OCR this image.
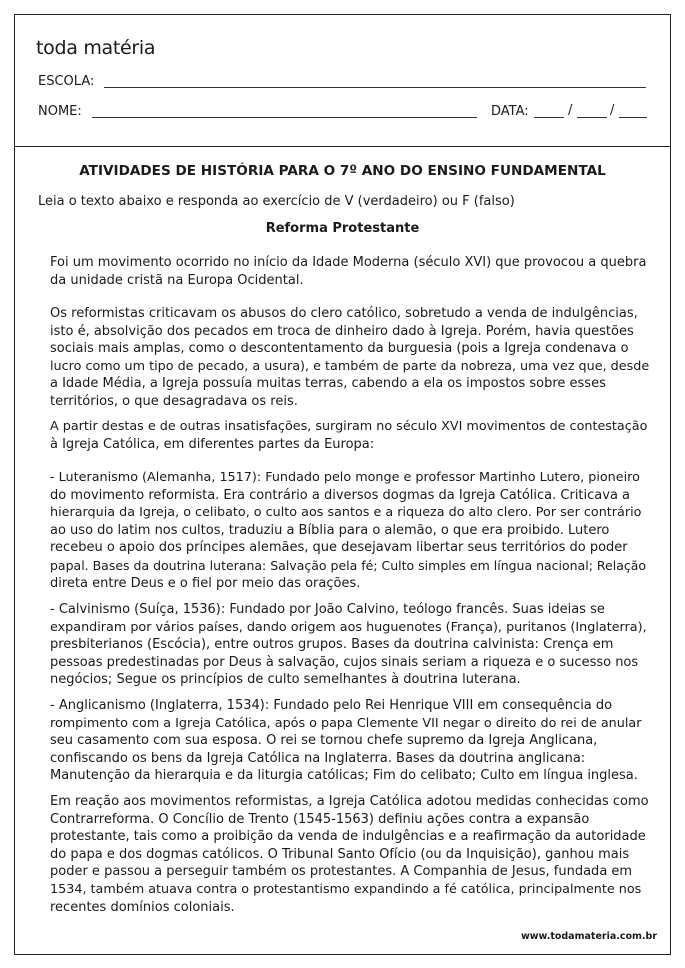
toda matéria
ESCOLA:
NOME:	DATA:	/	/
ATIVIDADES DE HISTÓRIA PARA O 7º ANO DO ENSINO FUNDAMENTAL
Leia o texto abaixo e responda ao exercício de V (verdadeiro) ou F (falso)
Reforma Protestante
Foi um movimento ocorrido no início da Idade Moderna (século XVI) que provocou a quebra
da unidade cristã na Europa Ocidental.
Os reformistas criticavam os abusos do clero católico, sobretudo a venda de indulgências,
isto é, absolvição dos pecados em troca de dinheiro dado à Igreja. Porém, havia questões
sociais mais amplas, como o descontentamento da burguesia (pois a Igreja condenava o
lucro como um tipo de pecado, a usura), e também de parte da nobreza, uma vez que, desde
a Idade Média, a Igreja possuía muitas terras, cabendo a ela os impostos sobre esses
territórios, o que desagradava os reis.
A partir destas e de outras insatisfações, surgiram no século XVI movimentos de contestação
à Igreja Católica, em diferentes partes da Europa:
- Luteranismo (Alemanha, 1517): Fundado pelo monge e professor Martinho Lutero, pioneiro
do movimento reformista. Era contrário a diversos dogmas da Igreja Católica. Criticava a
hierarquia da Igreja, o celibato, o culto aos santos e a riqueza do alto clero. Por ser contrário
ao uso do latim nos cultos, traduziu a Bíblia para o alemão, o que era proibido. Lutero
recebeu o apoio dos príncipes alemães, que desejavam libertar seus territórios do poder
papal. Bases da doutrina luterana: Salvação pela fé; Culto simples em língua nacional; Relação
direta entre Deus e o fiel por meio das orações.
- Calvinismo (Suíça, 1536): Fundado por João Calvino, teólogo francês. Suas ideias se
expandiram por vários países, dando origem aos huguenotes (França), puritanos (Inglaterra),
presbiterianos (Escócia), entre outros grupos. Bases da doutrina calvinista: Crença em
pessoas predestinadas por Deus à salvação, cujos sinais seriam a riqueza e o sucesso nos
negócios; Segue os princípios de culto semelhantes à doutrina luterana.
- Anglicanismo (Inglaterra, 1534): Fundado pelo Rei Henrique VIII em consequência do
rompimento com a Igreja Católica, após o papa Clemente VII negar o direito do rei de anular
seu casamento com sua esposa. O rei se tornou chefe supremo da Igreja Anglicana,
confiscando os bens da Igreja Católica na Inglaterra. Bases da doutrina anglicana:
Manutenção da hierarquia e da liturgia católicas; Fim do celibato; Culto em língua inglesa.
Em reação aos movimentos reformistas, a Igreja Católica adotou medidas conhecidas como
Contrarreforma. O Concílio de Trento (1545-1563) definiu ações contra a expansão
protestante, tais como a proibição da venda de indulgências e a reafirmação da autoridade
do papa e dos dogmas católicos. O Tribunal Santo Ofício (ou da Inquisição), ganhou mais
poder e passou a perseguir também os protestantes. A Companhia de Jesus, fundada em
1534, também atuava contra o protestantismo expandindo a fé católica, principalmente nos
recentes domínios coloniais.
www.todamateria.com.br
